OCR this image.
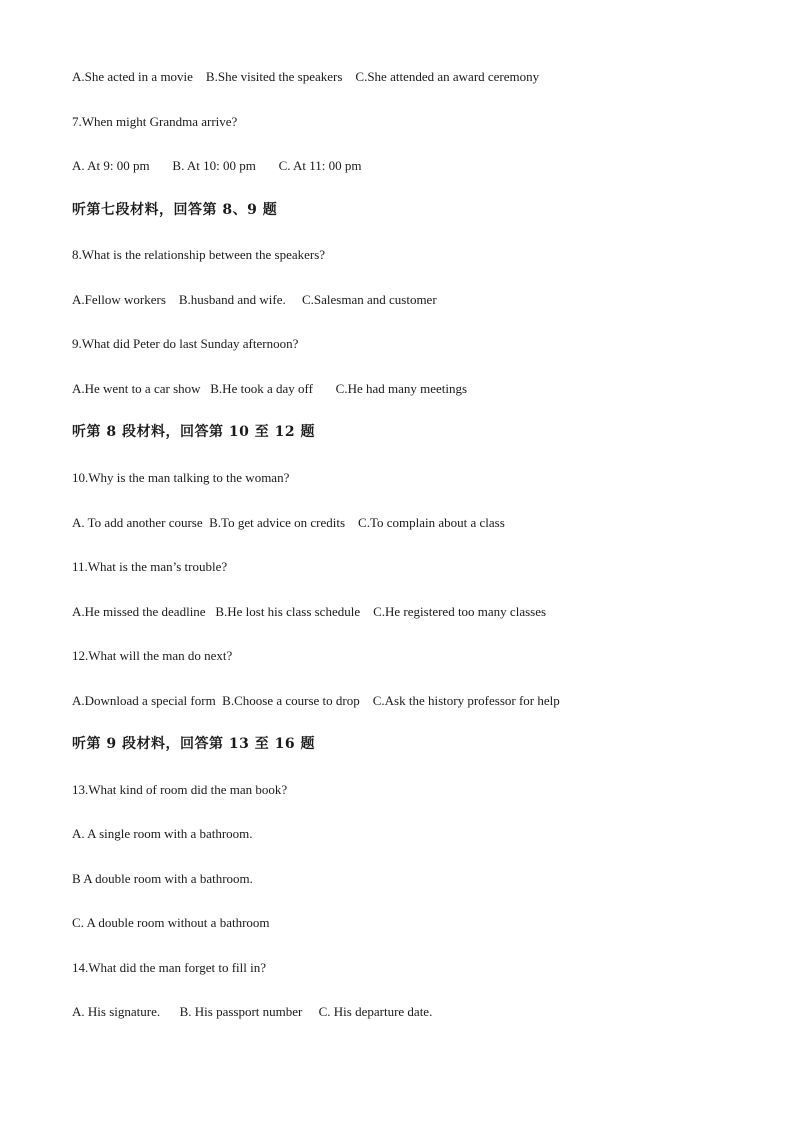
A.She acted in a movie    B.She visited the speakers    C.She attended an award ceremony
7.When might Grandma arrive?
A. At 9: 00 pm       B. At 10: 00 pm       C. At 11: 00 pm
听第七段材料，回答第 8、9 题
8.What is the relationship between the speakers?
A.Fellow workers    B.husband and wife.     C.Salesman and customer
9.What did Peter do last Sunday afternoon?
A.He went to a car show   B.He took a day off       C.He had many meetings
听第 8 段材料，回答第 10 至 12 题
10.Why is the man talking to the woman?
A. To add another course  B.To get advice on credits    C.To complain about a class
11.What is the man’s trouble?
A.He missed the deadline   B.He lost his class schedule    C.He registered too many classes
12.What will the man do next?
A.Download a special form  B.Choose a course to drop    C.Ask the history professor for help
听第 9 段材料，回答第 13 至 16 题
13.What kind of room did the man book?
A. A single room with a bathroom.
B A double room with a bathroom.
C. A double room without a bathroom
14.What did the man forget to fill in?
A. His signature.      B. His passport number     C. His departure date.
